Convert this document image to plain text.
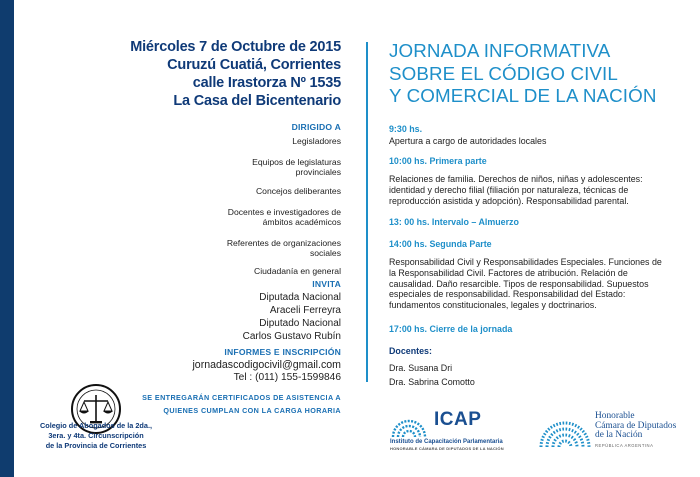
Miércoles 7 de Octubre de 2015
Curuzú Cuatiá, Corrientes
calle Irastorza Nº 1535
La Casa del Bicentenario
DIRIGIDO A
Legisladores
Equipos de legislaturas provinciales
Concejos deliberantes
Docentes e investigadores de ámbitos académicos
Referentes de organizaciones sociales
Ciudadanía en general
INVITA
Diputada Nacional
Araceli Ferreyra
Diputado Nacional
Carlos Gustavo Rubín
INFORMES E INSCRIPCIÓN
jornadascodigocivil@gmail.com
Tel : (011) 155-1599846
SE ENTREGARÁN CERTIFICADOS DE ASISTENCIA A
QUIENES CUMPLAN CON LA CARGA HORARIA
Colegio de Abogados de la 2da.,
3era. y 4ta. Circunscripción
de la Provincia de Corrientes
JORNADA INFORMATIVA
SOBRE EL CÓDIGO CIVIL
Y COMERCIAL DE LA NACIÓN
9:30 hs.
Apertura a cargo de autoridades locales
10:00 hs. Primera parte
Relaciones de familia. Derechos de niños, niñas y adolescentes: identidad y derecho filial (filiación por naturaleza, técnicas de reproducción asistida y adopción). Responsabilidad parental.
13: 00 hs. Intervalo – Almuerzo
14:00 hs. Segunda Parte
Responsabilidad Civil y Responsabilidades Especiales. Funciones de la Responsabilidad Civil. Factores de atribución. Relación de causalidad. Daño resarcible. Tipos de responsabilidad. Supuestos especiales de responsabilidad. Responsabilidad del Estado: fundamentos constitucionales, legales y doctrinarios.
17:00 hs. Cierre de la jornada
Docentes:
Dra. Susana Dri
Dra. Sabrina Comotto
ICAP
Instituto de Capacitación Parlamentaria
HONORABLE CÁMARA DE DIPUTADOS DE LA NACIÓN
Honorable
Cámara de Diputados
de la Nación
REPÚBLICA ARGENTINA
